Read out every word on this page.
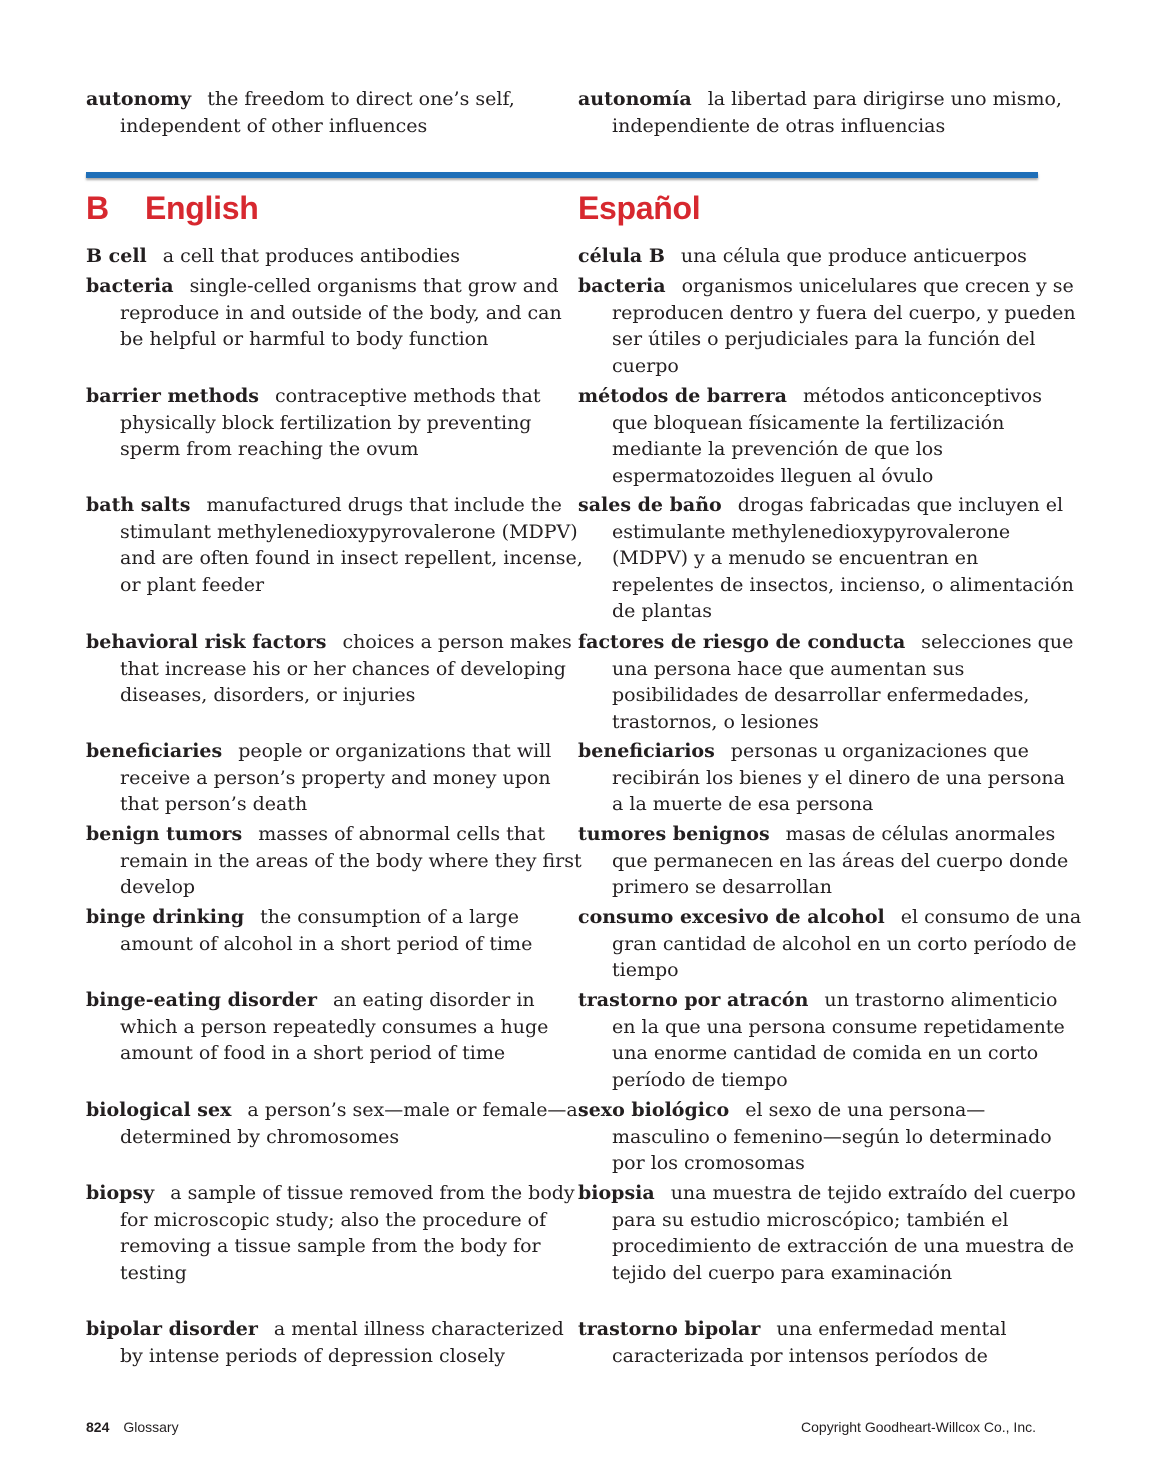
autonomy the freedom to direct one’s self, independent of other influences

B cell a cell that produces antibodies

bacteria single-celled organisms that grow and reproduce in and outside of the body, and can be helpful or harmful to body function

barrier methods contraceptive methods that physically block fertilization by preventing sperm from reaching the ovum

bath salts manufactured drugs that include the stimulant methylenedioxypyrovalerone (MDPV) and are often found in insect repellent, incense, or plant feeder

behavioral risk factors choices a person makes that increase his or her chances of developing diseases, disorders, or injuries

beneficiaries people or organizations that will receive a person’s property and money upon that person’s death

benign tumors masses of abnormal cells that remain in the areas of the body where they first develop

binge drinking the consumption of a large amount of alcohol in a short period of time

binge-eating disorder an eating disorder in which a person repeatedly consumes a huge amount of food in a short period of time

biological sex a person’s sex—male or female—as determined by chromosomes

biopsy a sample of tissue removed from the body for microscopic study; also the procedure of removing a tissue sample from the body for testing

bipolar disorder a mental illness characterized by intense periods of depression closely

autonomía la libertad para dirigirse uno mismo, independiente de otras influencias

célula B una célula que produce anticuerpos

bacteria organismos unicelulares que crecen y se reproducen dentro y fuera del cuerpo, y pueden ser útiles o perjudiciales para la función del cuerpo

métodos de barrera métodos anticonceptivos que bloquean físicamente la fertilización mediante la prevención de que los espermatozoides lleguen al óvulo

sales de baño drogas fabricadas que incluyen el estimulante methylenedioxypyrovalerone (MDPV) y a menudo se encuentran en repelentes de insectos, incienso, o alimentación de plantas

factores de riesgo de conducta selecciones que una persona hace que aumentan sus posibilidades de desarrollar enfermedades, trastornos, o lesiones

beneficiarios personas u organizaciones que recibirán los bienes y el dinero de una persona a la muerte de esa persona

tumores benignos masas de células anormales que permanecen en las áreas del cuerpo donde primero se desarrollan

consumo excesivo de alcohol el consumo de una gran cantidad de alcohol en un corto período de tiempo

trastorno por atracón un trastorno alimenticio en la que una persona consume repetidamente una enorme cantidad de comida en un corto período de tiempo

sexo biológico el sexo de una persona—masculino o femenino—según lo determinado por los cromosomas

biopsia una muestra de tejido extraído del cuerpo para su estudio microscópico; también el procedimiento de extracción de una muestra de tejido del cuerpo para examinación

trastorno bipolar una enfermedad mental caracterizada por intensos períodos de

B English	Español
824 Glossary	Copyright Goodheart-Willcox Co., Inc.
